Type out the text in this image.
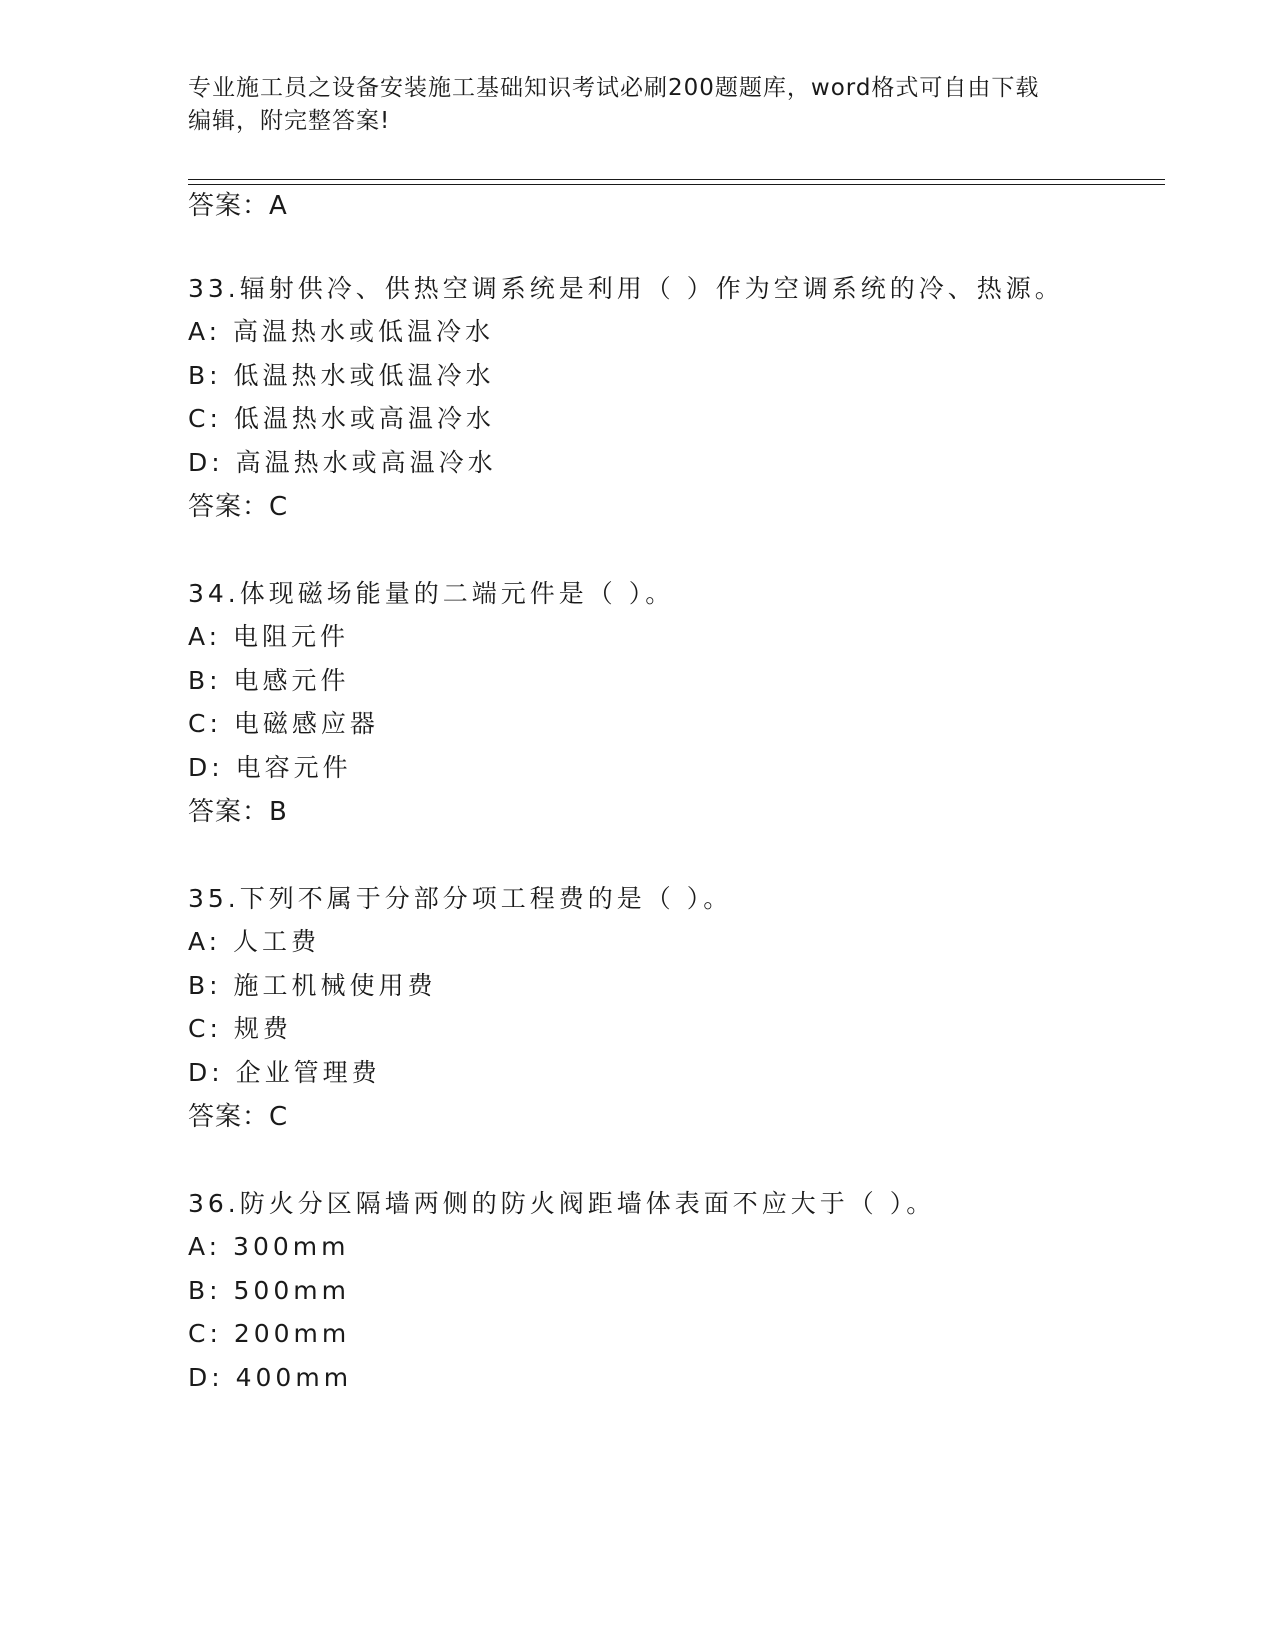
专业施工员之设备安装施工基础知识考试必刷200题题库，word格式可自由下载
编辑，附完整答案!
答案：A
33.辐射供冷、供热空调系统是利用（ ）作为空调系统的冷、热源。
A: 高温热水或低温冷水
B: 低温热水或低温冷水
C: 低温热水或高温冷水
D: 高温热水或高温冷水
答案：C
34.体现磁场能量的二端元件是（ ）。
A: 电阻元件
B: 电感元件
C: 电磁感应器
D: 电容元件
答案：B
35.下列不属于分部分项工程费的是（ ）。
A: 人工费
B: 施工机械使用费
C: 规费
D: 企业管理费
答案：C
36.防火分区隔墙两侧的防火阀距墙体表面不应大于（ ）。
A: 300mm
B: 500mm
C: 200mm
D: 400mm
